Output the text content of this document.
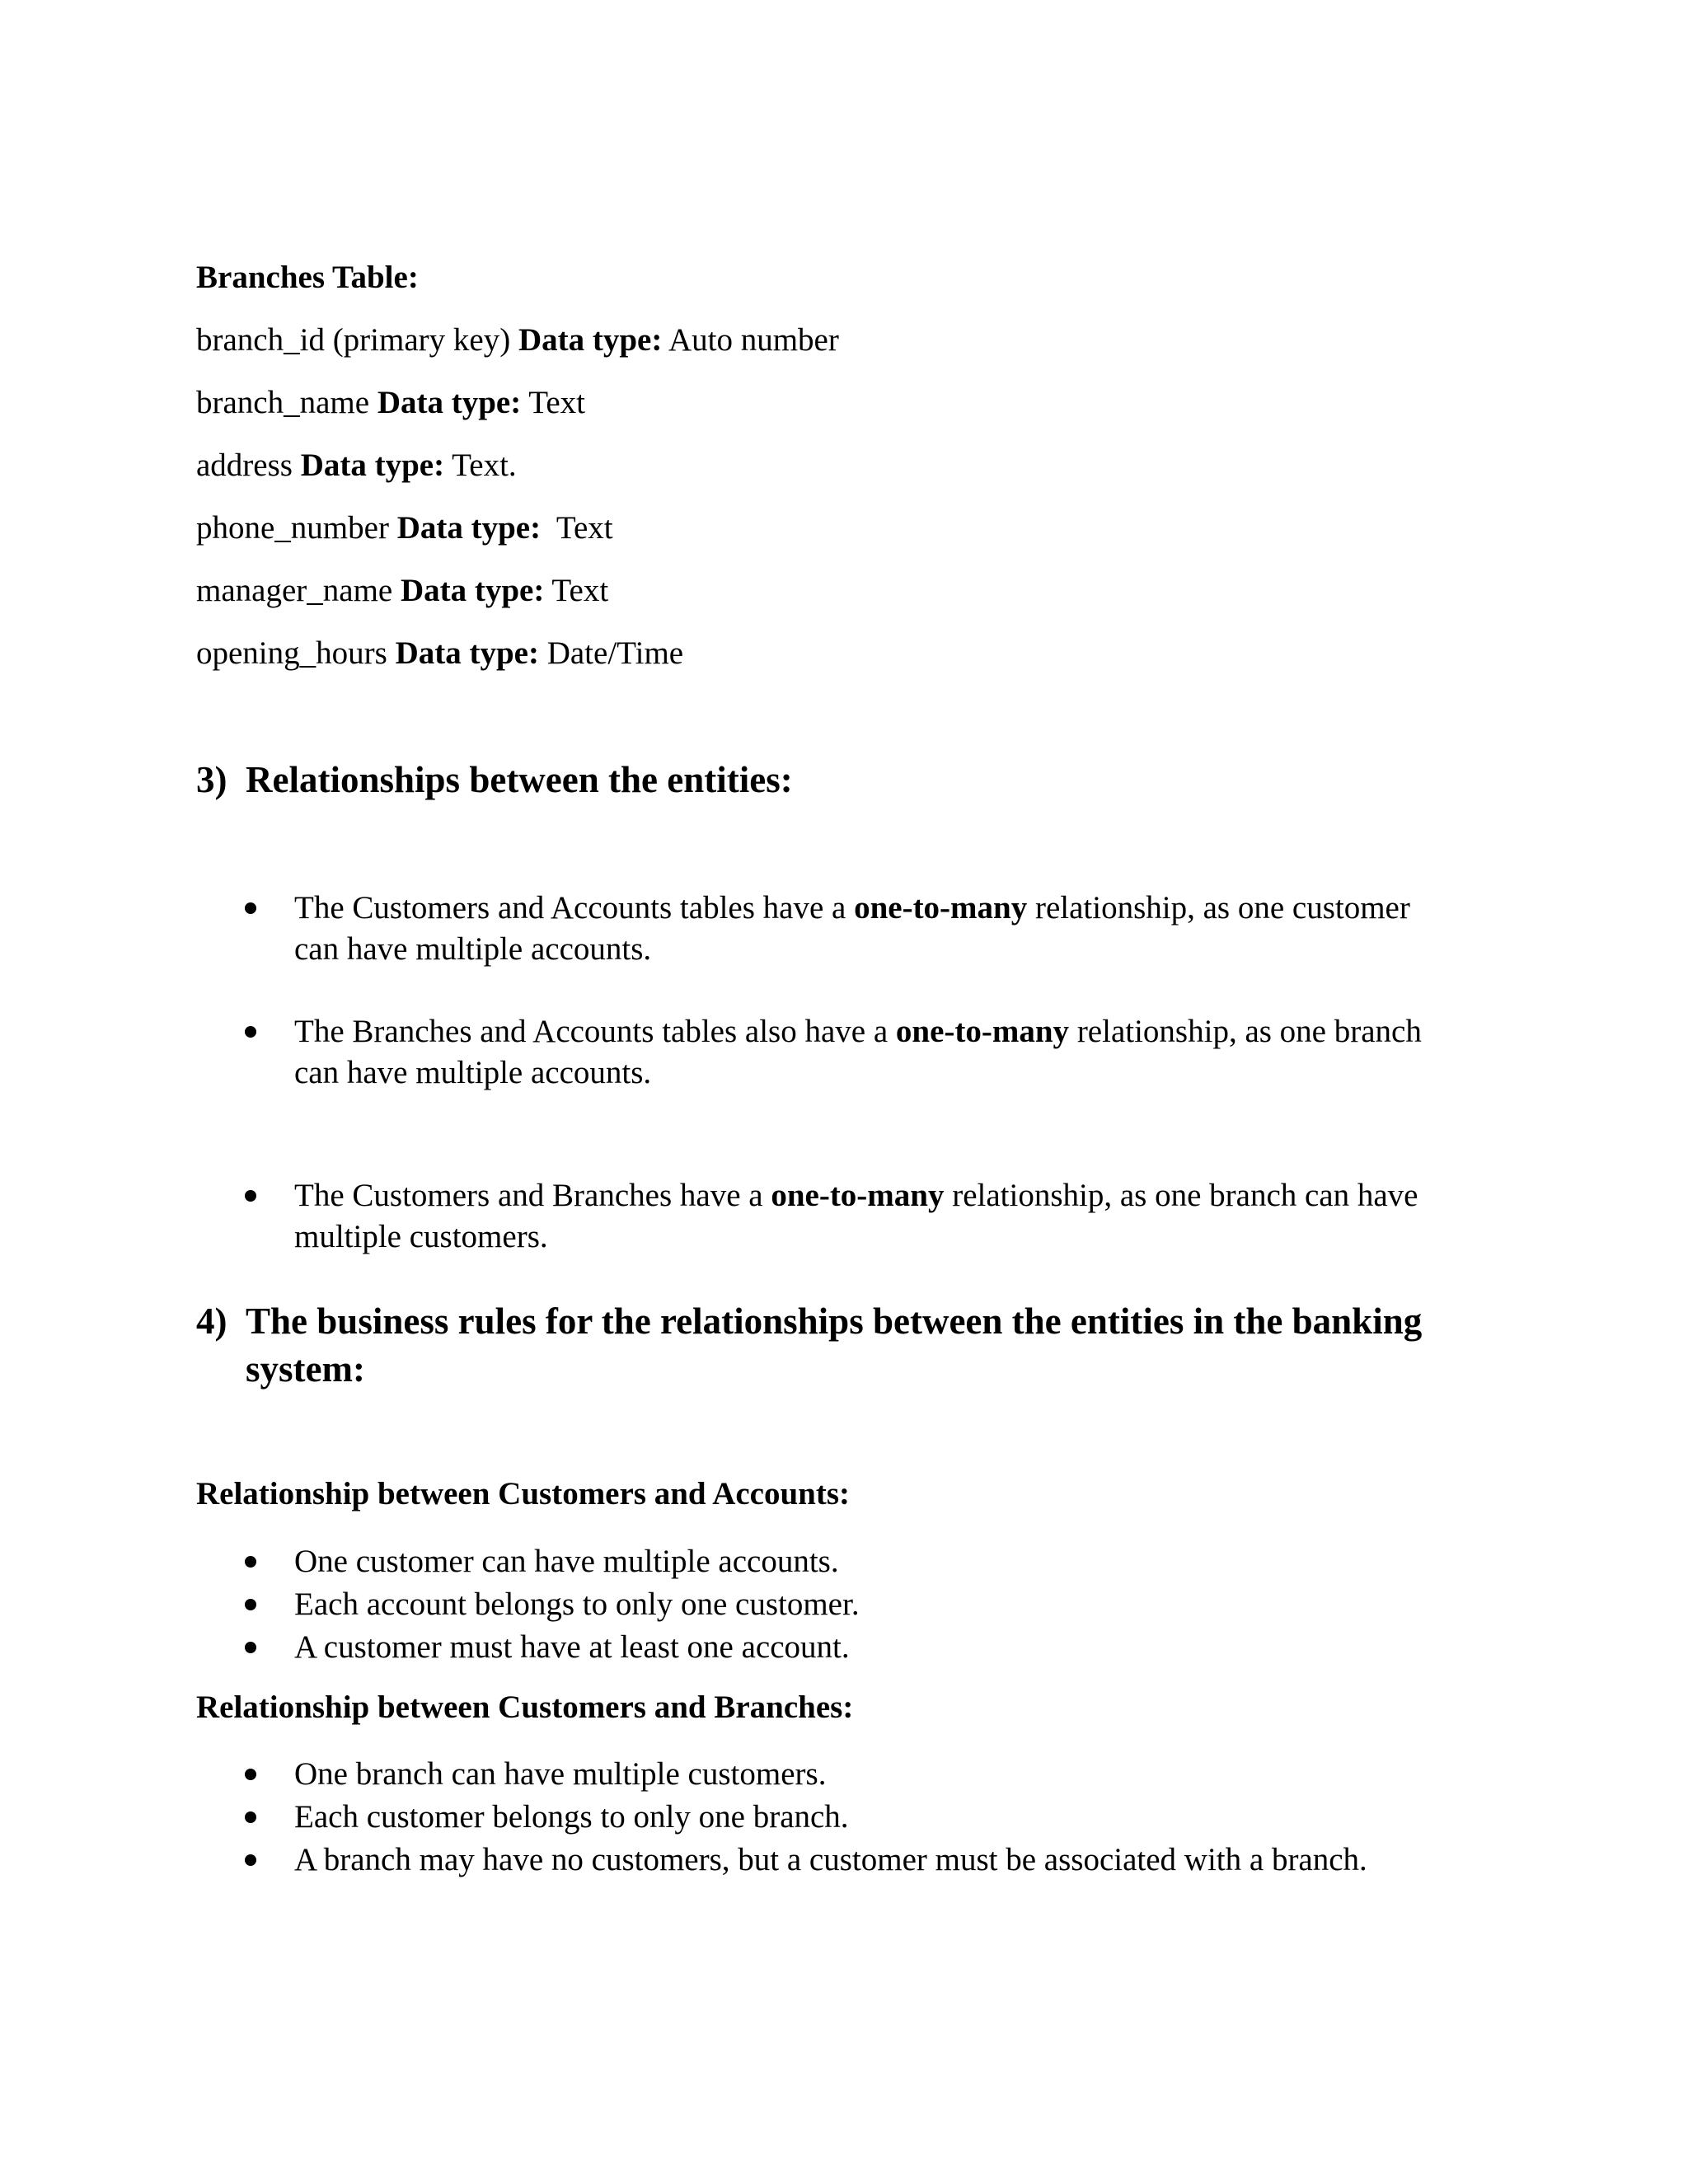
Branches Table:
branch_id (primary key) Data type: Auto number
branch_name Data type: Text
address Data type: Text.
phone_number Data type:  Text
manager_name Data type: Text
opening_hours Data type: Date/Time
3) Relationships between the entities:
The Customers and Accounts tables have a one-to-many relationship, as one customer
can have multiple accounts.
The Branches and Accounts tables also have a one-to-many relationship, as one branch
can have multiple accounts.
The Customers and Branches have a one-to-many relationship, as one branch can have
multiple customers.
4) The business rules for the relationships between the entities in the banking
system:
Relationship between Customers and Accounts:
One customer can have multiple accounts.
Each account belongs to only one customer.
A customer must have at least one account.
Relationship between Customers and Branches:
One branch can have multiple customers.
Each customer belongs to only one branch.
A branch may have no customers, but a customer must be associated with a branch.
